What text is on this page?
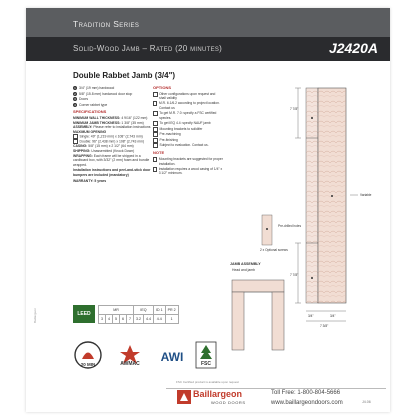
Tradition Series
Solid-Wood Jamb – Rated (20 minutes)	J2420A
Baillargeon
Double Rabbet Jamb (3/4")
1 3/4" (19 mm) hardwood
2 5/8" (15.8 mm) hardwood door stop
3 Doors
4 Corner rabbet type
SPECIFICATIONS
MINIMUM WALL THICKNESS: 4 9/16" (122 mm)
MINIMUM JAMB THICKNESS: 1 3/8" (35 mm)
ASSEMBLY: Please refer to installation instructions
MAXIMUM OPENING
Single: 49" (1,219 mm) x 108" (2,743 mm)
Double: 96" (2,438 mm) x 108" (2,743 mm)
CASING: 5/8" (15 mm) x 2 1/2" (64 mm)
SHIPPING: Unassembled (Knock Down)
WRAPPING: Each frame will be shipped in a cardboard box, with 3/32" (2 mm) foam and bundle wrapped.
Installation instructions and peel-and-stick door bumpers are included (mandatory)
WARRANTY: 5 years
OPTIONS
Other configurations upon request and shall validity
M.R. 6.1/6.2 according to project location. Contact us
To get M.R. 7.0: specify a FSC certified species.
To get IEQ 4.4: specify NAUF jamb
Mounting brackets to solidifer
Pre-machining
Pre-finishing
Subject to evaluation. Contact us.
NOTE
Mounting brackets are suggested for proper installation.
Installation requires a wood casing of 1/4" x 3 1/2" minimum.
LEED
MR					IEQ		ID 1	PR 2
3	4	5	6	7	3.2	4.4	4.4	1
20 MIN	AWMAC AWI	FSC
FSC Certified product is available upon request
7 7/8"
7 7/8"
Variable
3/4"	3/4"
7 3/8"
2 x Optional screws
Pre-drilled holes
JAMB ASSEMBLY
Head and jamb
Baillargeon
WOOD DOORS
Toll Free: 1-800-804-5666
www.baillargeondoors.com	J4.06
